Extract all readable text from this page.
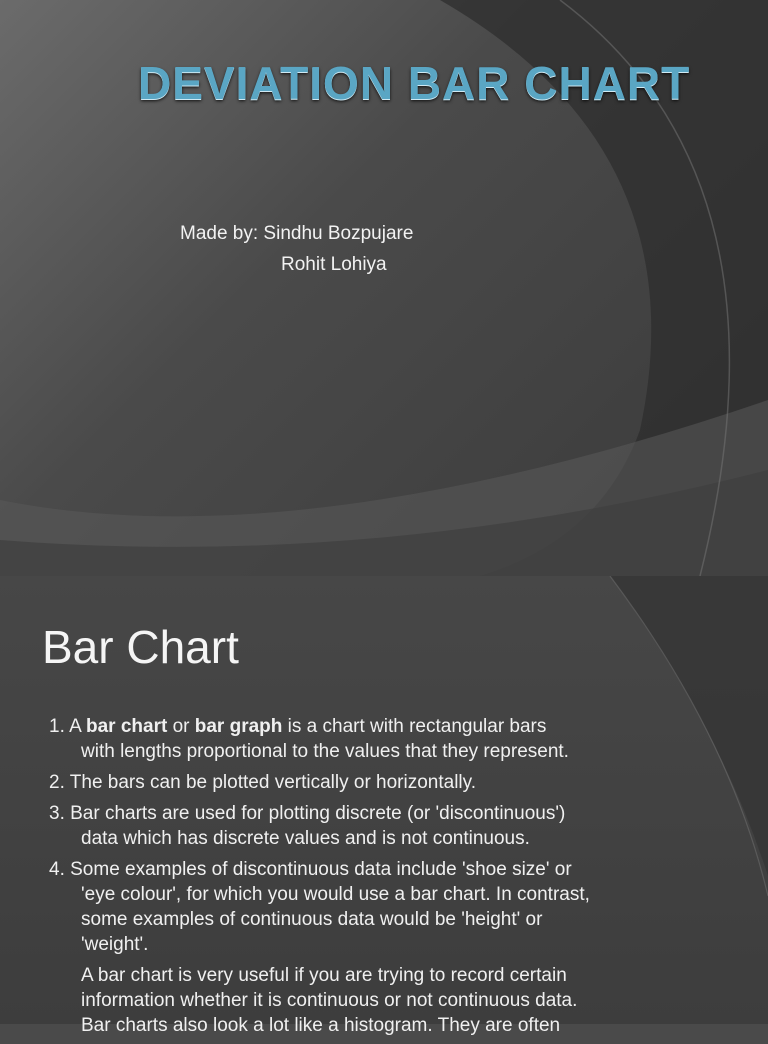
DEVIATION BAR CHART
Made by: Sindhu Bozpujare
Rohit Lohiya
Bar Chart
1. A bar chart or bar graph is a chart with rectangular bars
with lengths proportional to the values that they represent.
2. The bars can be plotted vertically or horizontally.
3. Bar charts are used for plotting discrete (or 'discontinuous')
data which has discrete values and is not continuous.
4. Some examples of discontinuous data include 'shoe size' or
'eye colour', for which you would use a bar chart. In contrast,
some examples of continuous data would be 'height' or
'weight'.
A bar chart is very useful if you are trying to record certain
information whether it is continuous or not continuous data.
Bar charts also look a lot like a histogram. They are often
